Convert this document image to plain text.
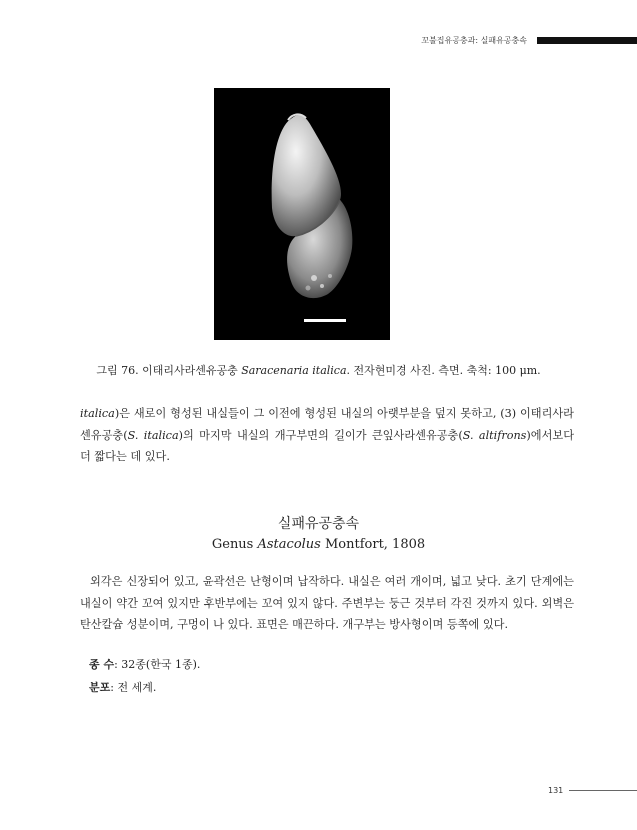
꼬불집유공충과: 실패유공충속
그림 76. 이태리사라센유공충 Saracenaria italica. 전자현미경 사진. 측면. 축척: 100 μm.
italica)은 새로이 형성된 내실들이 그 이전에 형성된 내실의 아랫부분을 덮지 못하고, (3) 이태리사라센유공충(S. italica)의 마지막 내실의 개구부면의 길이가 큰잎사라센유공충(S. altifrons)에서보다 더 짧다는 데 있다.
실패유공충속
Genus Astacolus Montfort, 1808
외각은 신장되어 있고, 윤곽선은 난형이며 납작하다. 내실은 여러 개이며, 넓고 낮다. 초기 단계에는 내실이 약간 꼬여 있지만 후반부에는 꼬여 있지 않다. 주변부는 둥근 것부터 각진 것까지 있다. 외벽은 탄산칼슘 성분이며, 구멍이 나 있다. 표면은 매끈하다. 개구부는 방사형이며 등쪽에 있다.
종 수: 32종(한국 1종).
분포: 전 세계.
131
